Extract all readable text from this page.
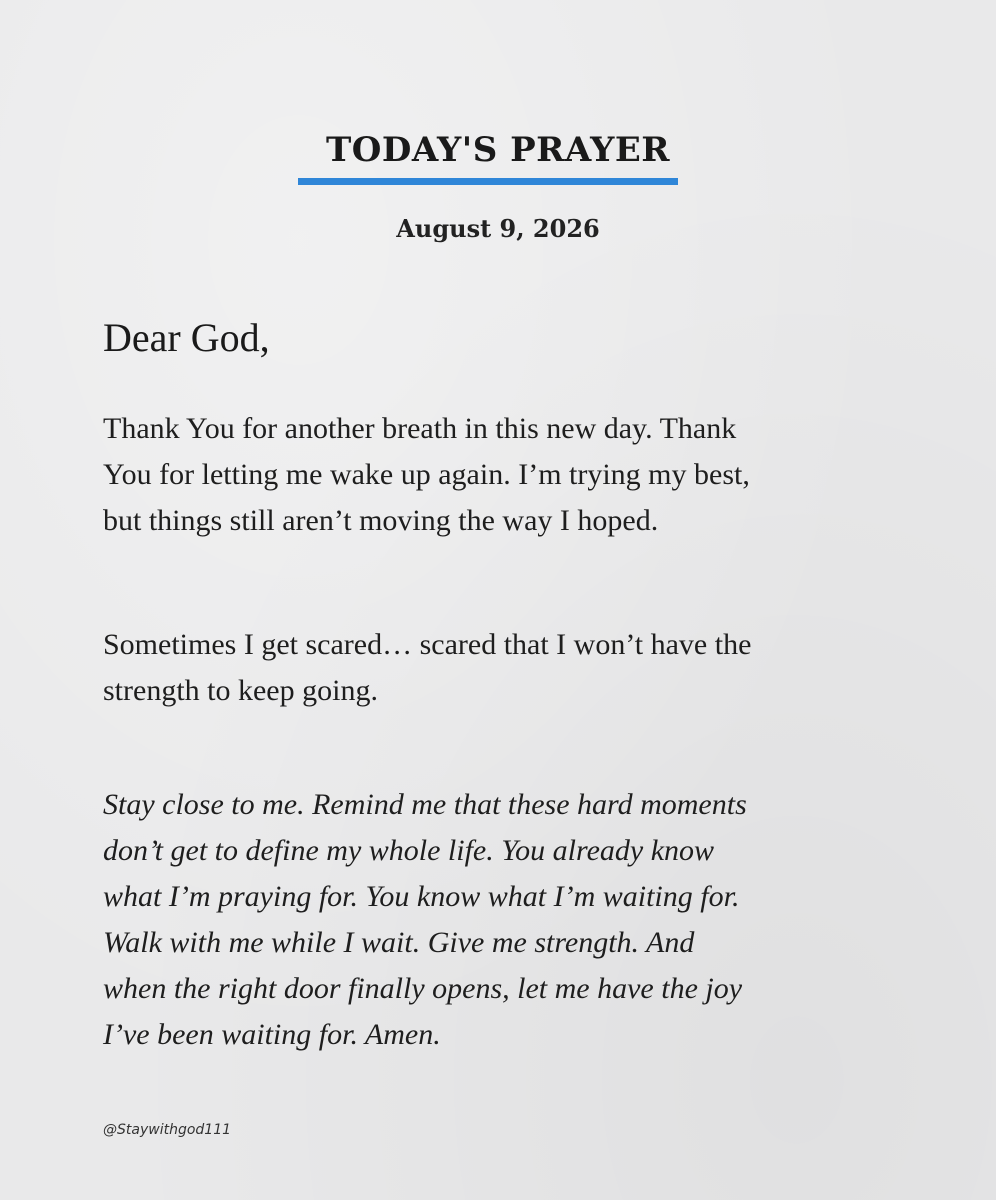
TODAY'S PRAYER
August 9, 2026
Dear God,
Thank You for another breath in this new day. Thank
You for letting me wake up again. I’m trying my best,
but things still aren’t moving the way I hoped.
Sometimes I get scared… scared that I won’t have the
strength to keep going.
Stay close to me. Remind me that these hard moments
don’t get to define my whole life. You already know
what I’m praying for. You know what I’m waiting for.
Walk with me while I wait. Give me strength. And
when the right door finally opens, let me have the joy
I’ve been waiting for. Amen.
@Staywithgod111
